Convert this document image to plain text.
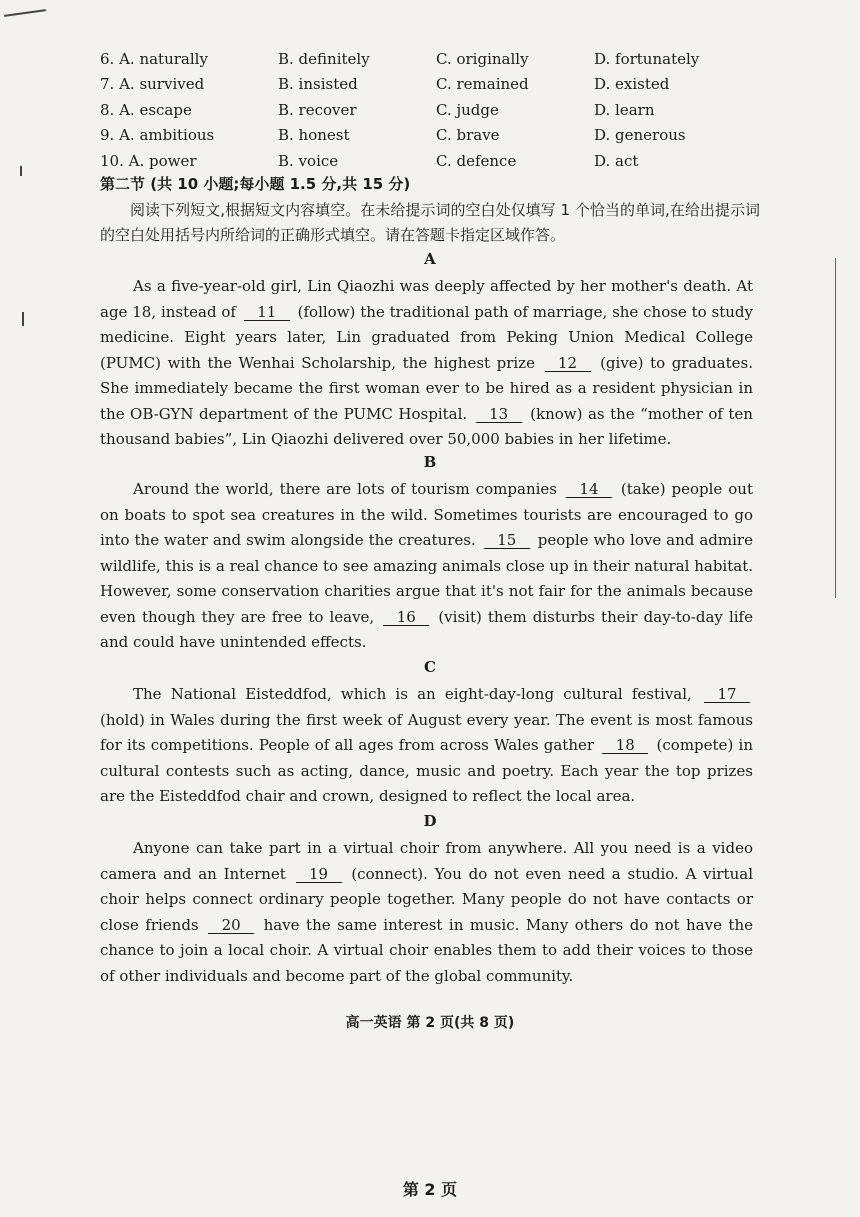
6. A. naturally	B. definitely	C. originally	D. fortunately
7. A. survived	B. insisted	C. remained	D. existed
8. A. escape	B. recover	C. judge	D. learn
9. A. ambitious	B. honest	C. brave	D. generous
10. A. power	B. voice	C. defence	D. act
第二节 (共 10 小题;每小题 1.5 分,共 15 分)
阅读下列短文,根据短文内容填空。在未给提示词的空白处仅填写 1 个恰当的单词,在给出提示词的空白处用括号内所给词的正确形式填空。请在答题卡指定区域作答。
A
As a five-year-old girl, Lin Qiaozhi was deeply affected by her mother's death. At age 18, instead of 11 (follow) the traditional path of marriage, she chose to study medicine. Eight years later, Lin graduated from Peking Union Medical College (PUMC) with the Wenhai Scholarship, the highest prize 12 (give) to graduates. She immediately became the first woman ever to be hired as a resident physician in the OB-GYN department of the PUMC Hospital. 13 (know) as the “mother of ten thousand babies”, Lin Qiaozhi delivered over 50,000 babies in her lifetime.
B
Around the world, there are lots of tourism companies 14 (take) people out on boats to spot sea creatures in the wild. Sometimes tourists are encouraged to go into the water and swim alongside the creatures. 15 people who love and admire wildlife, this is a real chance to see amazing animals close up in their natural habitat. However, some conservation charities argue that it's not fair for the animals because even though they are free to leave, 16 (visit) them disturbs their day-to-day life and could have unintended effects.
C
The National Eisteddfod, which is an eight-day-long cultural festival, 17 (hold) in Wales during the first week of August every year. The event is most famous for its competitions. People of all ages from across Wales gather 18 (compete) in cultural contests such as acting, dance, music and poetry. Each year the top prizes are the Eisteddfod chair and crown, designed to reflect the local area.
D
Anyone can take part in a virtual choir from anywhere. All you need is a video camera and an Internet 19 (connect). You do not even need a studio. A virtual choir helps connect ordinary people together. Many people do not have contacts or close friends 20 have the same interest in music. Many others do not have the chance to join a local choir. A virtual choir enables them to add their voices to those of other individuals and become part of the global community.
高一英语 第 2 页(共 8 页)
第 2 页
